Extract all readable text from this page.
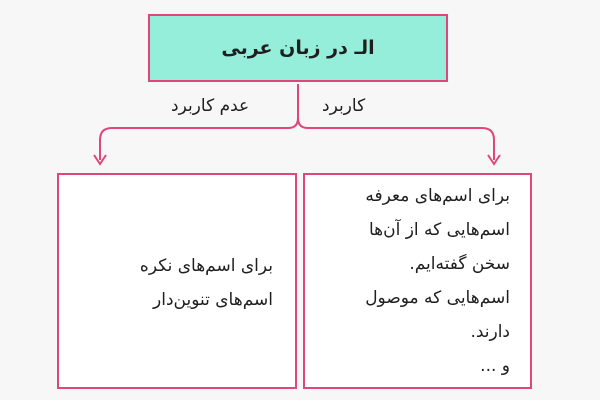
الـ در زبان عربی
کاربرد
عدم کاربرد
برای اسم‌های نکره
اسم‌های تنوین‌دار
برای اسم‌های معرفه
اسم‌هایی که از آن‌ها
سخن گفته‌ایم.
اسم‌هایی که موصول
دارند.
و ...
